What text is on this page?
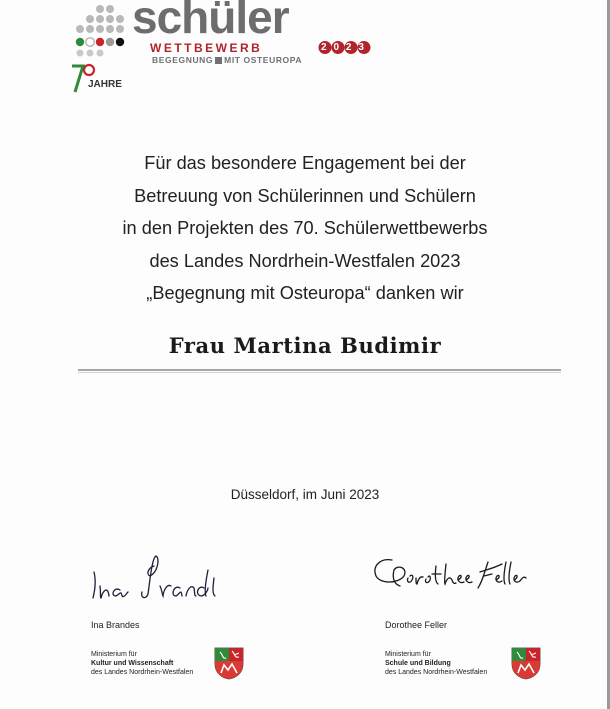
schüler
WETTBEWERB	2023
BEGEGNUNG MIT OSTEUROPA
JAHRE
Für das besondere Engagement bei der
Betreuung von Schülerinnen und Schülern
in den Projekten des 70. Schülerwettbewerbs
des Landes Nordrhein-Westfalen 2023
„Begegnung mit Osteuropa“ danken wir
Frau Martina Budimir
Düsseldorf, im Juni 2023
Ina Brandes
Ministerium für
Kultur und Wissenschaft
des Landes Nordrhein-Westfalen
Dorothee Feller
Ministerium für
Schule und Bildung
des Landes Nordrhein-Westfalen
